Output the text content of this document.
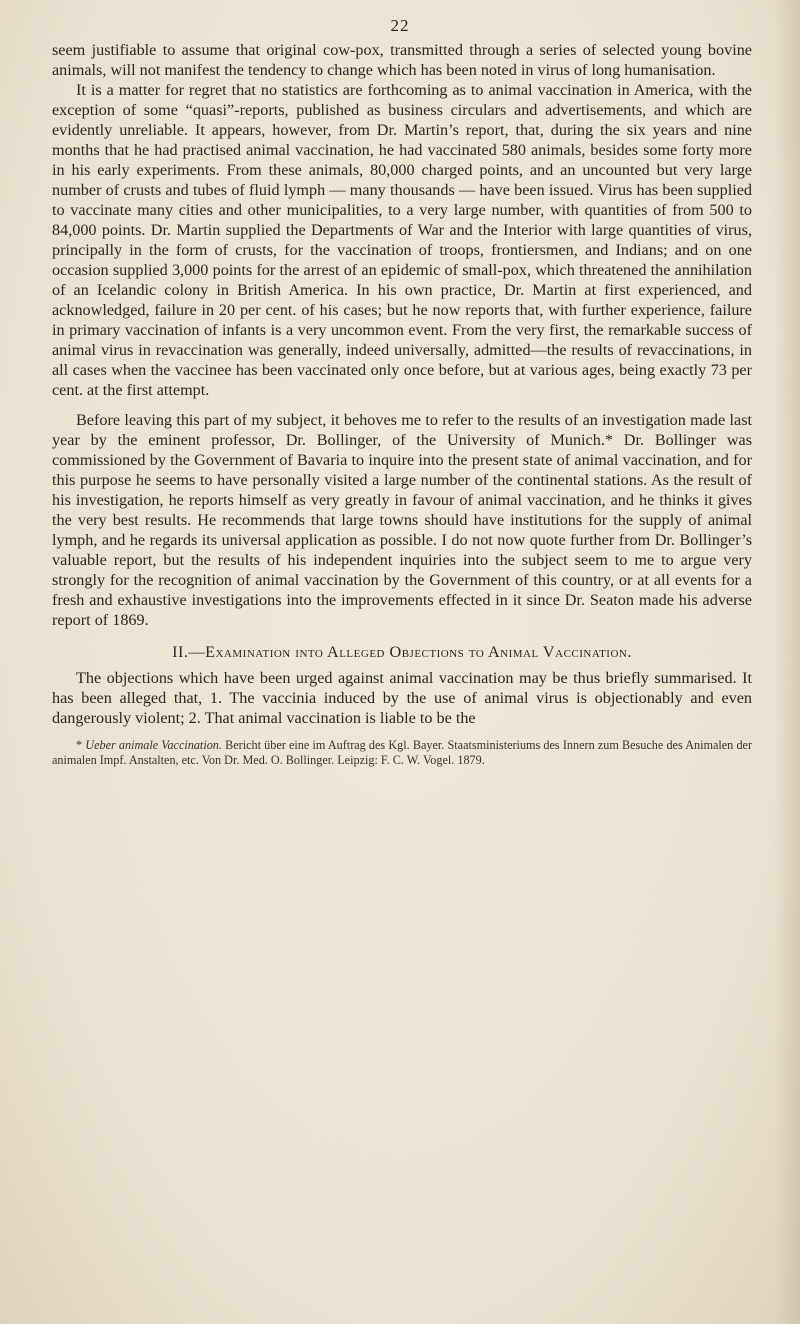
22

seem justifiable to assume that original cow-pox, transmitted through a series of selected young bovine animals, will not manifest the tendency to change which has been noted in virus of long humanisation.

It is a matter for regret that no statistics are forthcoming as to animal vaccination in America, with the exception of some “quasi”-reports, published as business circulars and advertisements, and which are evidently unreliable. It appears, however, from Dr. Martin’s report, that, during the six years and nine months that he had practised animal vaccination, he had vaccinated 580 animals, besides some forty more in his early experiments. From these animals, 80,000 charged points, and an uncounted but very large number of crusts and tubes of fluid lymph — many thousands — have been issued. Virus has been supplied to vaccinate many cities and other municipalities, to a very large number, with quantities of from 500 to 84,000 points. Dr. Martin supplied the Departments of War and the Interior with large quantities of virus, principally in the form of crusts, for the vaccination of troops, frontiersmen, and Indians; and on one occasion supplied 3,000 points for the arrest of an epidemic of small-pox, which threatened the annihilation of an Icelandic colony in British America. In his own practice, Dr. Martin at first experienced, and acknowledged, failure in 20 per cent. of his cases; but he now reports that, with further experience, failure in primary vaccination of infants is a very uncommon event. From the very first, the remarkable success of animal virus in revaccination was generally, indeed universally, admitted—the results of revaccinations, in all cases when the vaccinee has been vaccinated only once before, but at various ages, being exactly 73 per cent. at the first attempt.

Before leaving this part of my subject, it behoves me to refer to the results of an investigation made last year by the eminent professor, Dr. Bollinger, of the University of Munich.* Dr. Bollinger was commissioned by the Government of Bavaria to inquire into the present state of animal vaccination, and for this purpose he seems to have personally visited a large number of the continental stations. As the result of his investigation, he reports himself as very greatly in favour of animal vaccination, and he thinks it gives the very best results. He recommends that large towns should have institutions for the supply of animal lymph, and he regards its universal application as possible. I do not now quote further from Dr. Bollinger’s valuable report, but the results of his independent inquiries into the subject seem to me to argue very strongly for the recognition of animal vaccination by the Government of this country, or at all events for a fresh and exhaustive investigations into the improvements effected in it since Dr. Seaton made his adverse report of 1869.

II.—Examination into Alleged Objections to Animal Vaccination.

The objections which have been urged against animal vaccination may be thus briefly summarised. It has been alleged that, 1. The vaccinia induced by the use of animal virus is objectionably and even dangerously violent; 2. That animal vaccination is liable to be the

* Ueber animale Vaccination. Bericht über eine im Auftrag des Kgl. Bayer. Staatsministeriums des Innern zum Besuche des Animalen der animalen Impf. Anstalten, etc. Von Dr. Med. O. Bollinger. Leipzig: F. C. W. Vogel. 1879.
